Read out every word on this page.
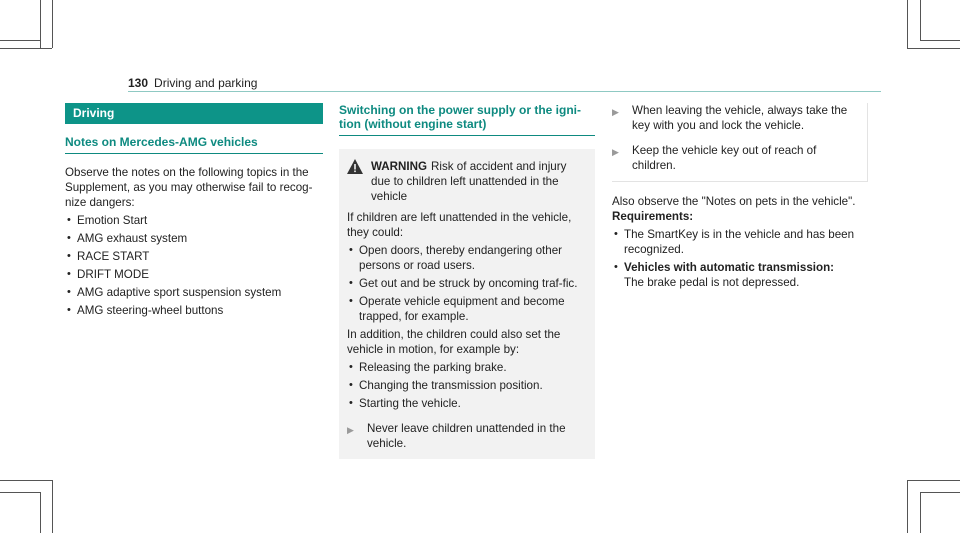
130 Driving and parking
Driving
Notes on Mercedes-AMG vehicles

Observe the notes on the following topics in the Supplement, as you may otherwise fail to recog-nize dangers:

• Emotion Start
• AMG exhaust system
• RACE START
• DRIFT MODE
• AMG adaptive sport suspension system
• AMG steering-wheel buttons
Switching on the power supply or the igni-tion (without engine start)
WARNING Risk of accident and injury due to children left unattended in the vehicle

If children are left unattended in the vehicle, they could:

• Open doors, thereby endangering other persons or road users.
• Get out and be struck by oncoming traf-fic.
• Operate vehicle equipment and become trapped, for example.

In addition, the children could also set the vehicle in motion, for example by:

• Releasing the parking brake.
• Changing the transmission position.
• Starting the vehicle.
▶	Never leave children unattended in the vehicle.
▶	When leaving the vehicle, always take the key with you and lock the vehicle.
▶	Keep the vehicle key out of reach of children.

Also observe the "Notes on pets in the vehicle".

Requirements:

• The SmartKey is in the vehicle and has been recognized.
• Vehicles with automatic transmission:
The brake pedal is not depressed.
